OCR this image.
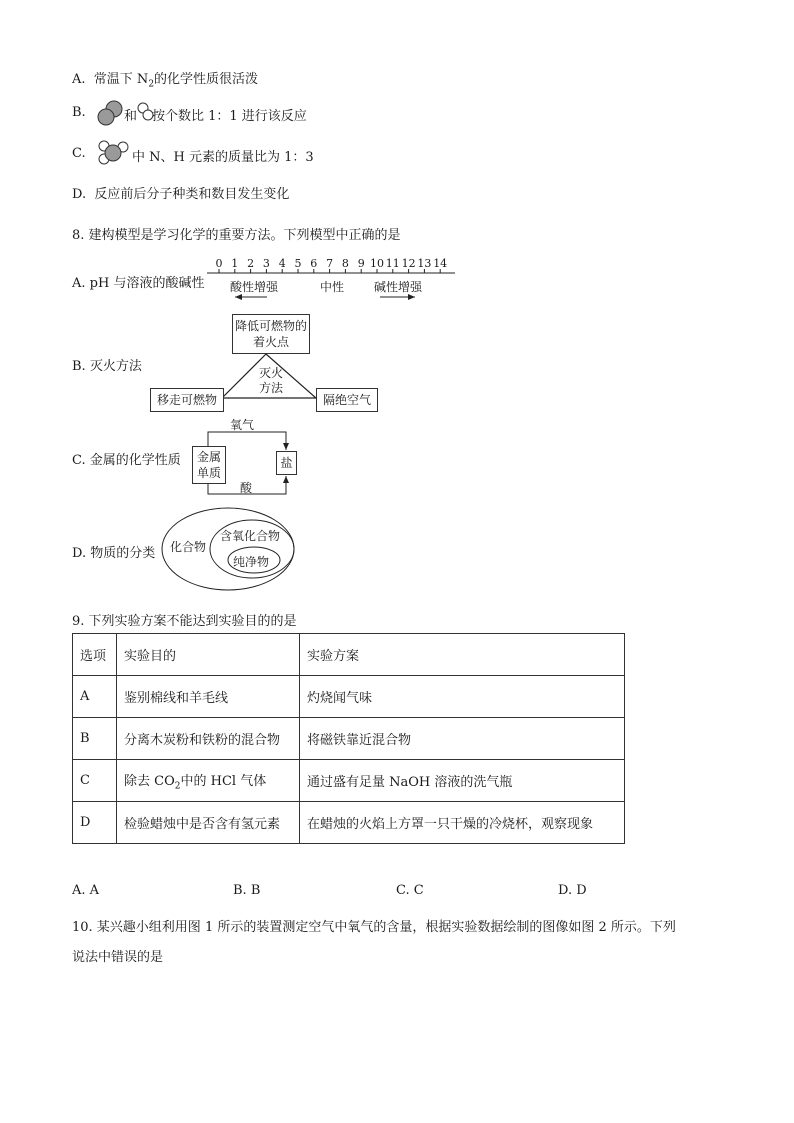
A. 常温下 $N_2$的化学性质很活泼
B.	和 按个数比 1：1 进行该反应
C.	中 N、H 元素的质量比为 1：3
D. 反应前后分子种类和数目发生变化
8. 建构模型是学习化学的重要方法。下列模型中正确的是
A. pH 与溶液的酸碱性
0 1 2 3 4 5 6 7 8 9 10 11 12 13 14
酸性增强	中性 碱性增强
B. 灭火方法
降低可燃物的着火点
灭火方法
移走可燃物	隔绝空气
C. 金属的化学性质
氧气
金属单质
盐
酸
D. 物质的分类 化合物
含氧化合物
纯净物
9. 下列实验方案不能达到实验目的的是
选项	实验目的	实验方案
A	鉴别棉线和羊毛线	灼烧闻气味
B	分离木炭粉和铁粉的混合物	将磁铁靠近混合物
C	除去 $CO_2$中的 HCl 气体	通过盛有足量 NaOH 溶液的洗气瓶
D	检验蜡烛中是否含有氢元素	在蜡烛的火焰上方罩一只干燥的冷烧杯，观察现象
A. A	B. B	C. C	D. D
10. 某兴趣小组利用图 1 所示的装置测定空气中氧气的含量，根据实验数据绘制的图像如图 2 所示。下列
说法中错误的是
